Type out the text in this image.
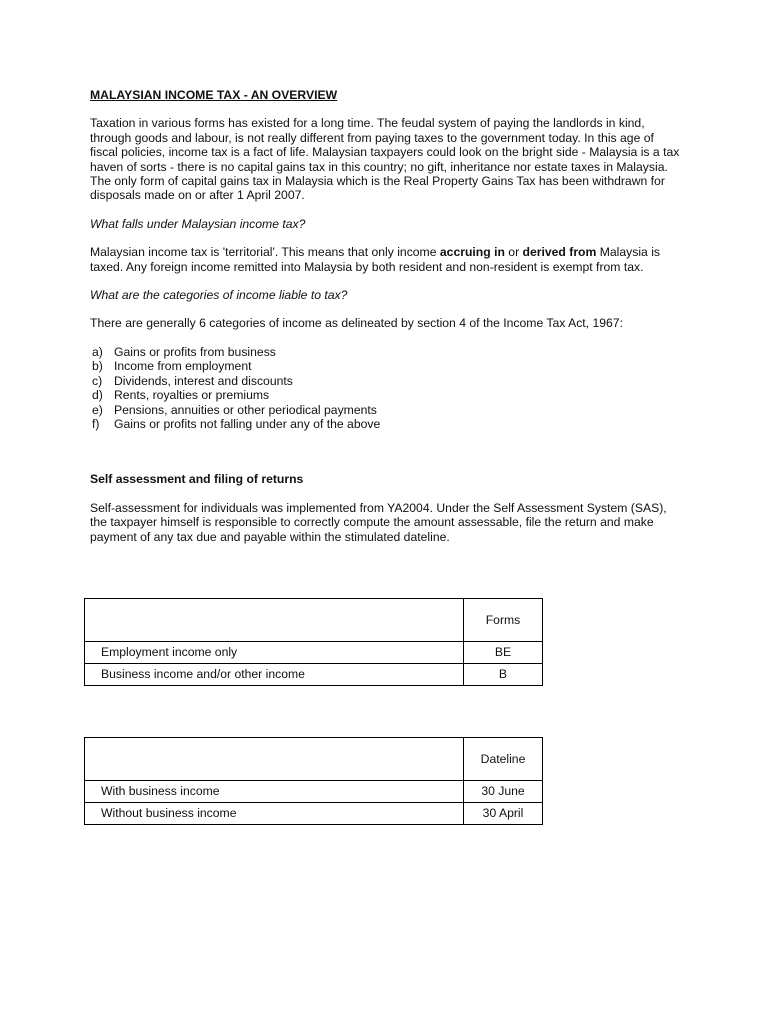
MALAYSIAN INCOME TAX - AN OVERVIEW

Taxation in various forms has existed for a long time. The feudal system of paying the landlords in kind,
through goods and labour, is not really different from paying taxes to the government today. In this age of
fiscal policies, income tax is a fact of life. Malaysian taxpayers could look on the bright side - Malaysia is a tax
haven of sorts - there is no capital gains tax in this country; no gift, inheritance nor estate taxes in Malaysia.
The only form of capital gains tax in Malaysia which is the Real Property Gains Tax has been withdrawn for
disposals made on or after 1 April 2007.

What falls under Malaysian income tax?

Malaysian income tax is 'territorial'. This means that only income accruing in or derived from Malaysia is
taxed. Any foreign income remitted into Malaysia by both resident and non-resident is exempt from tax.

What are the categories of income liable to tax?

There are generally 6 categories of income as delineated by section 4 of the Income Tax Act, 1967:

a) Gains or profits from business
b) Income from employment
c) Dividends, interest and discounts
d) Rents, royalties or premiums
e) Pensions, annuities or other periodical payments
f)	Gains or profits not falling under any of the above
Self assessment and filing of returns

Self-assessment for individuals was implemented from YA2004. Under the Self Assessment System (SAS),
the taxpayer himself is responsible to correctly compute the amount assessable, file the return and make
payment of any tax due and payable within the stimulated dateline.

	Forms
Employment income only	BE
Business income and/or other income	B
	Dateline
With business income	30 June
Without business income	30 April
